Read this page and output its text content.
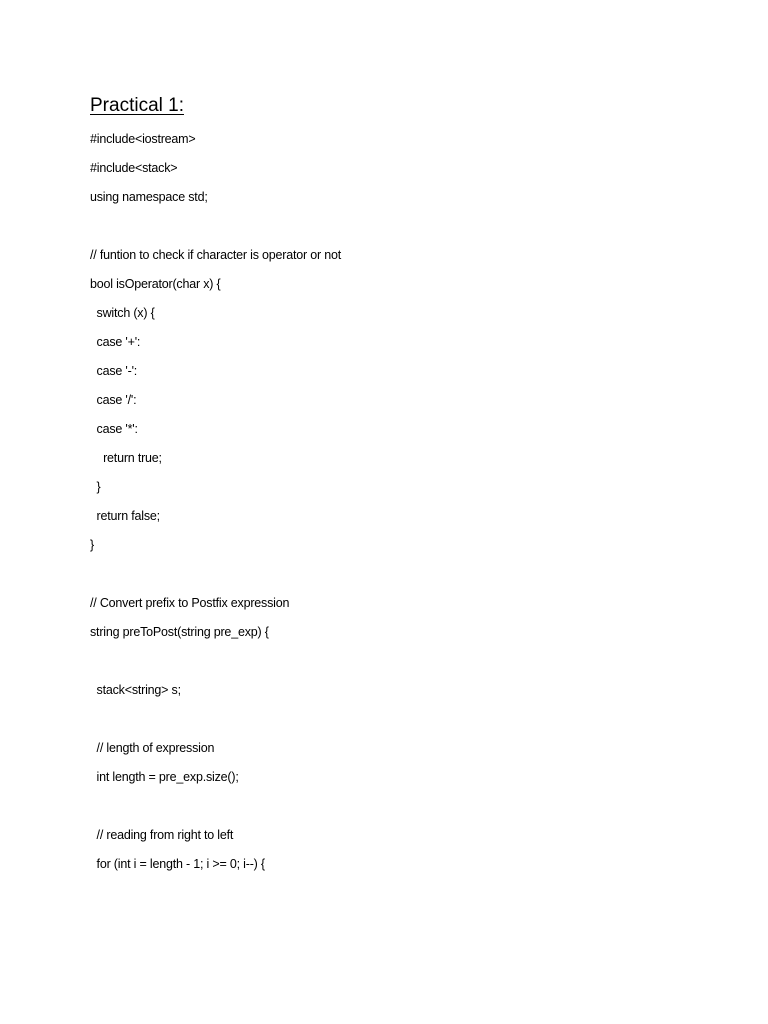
Practical 1:
#include<iostream>
#include<stack>
using namespace std;
// funtion to check if character is operator or not
bool isOperator(char x) {
switch (x) {
case '+':
case '-':
case '/':
case '*':
return true;
}
return false;
}
// Convert prefix to Postfix expression
string preToPost(string pre_exp) {
stack<string> s;
// length of expression
int length = pre_exp.size();
// reading from right to left
for (int i = length - 1; i >= 0; i--) {
